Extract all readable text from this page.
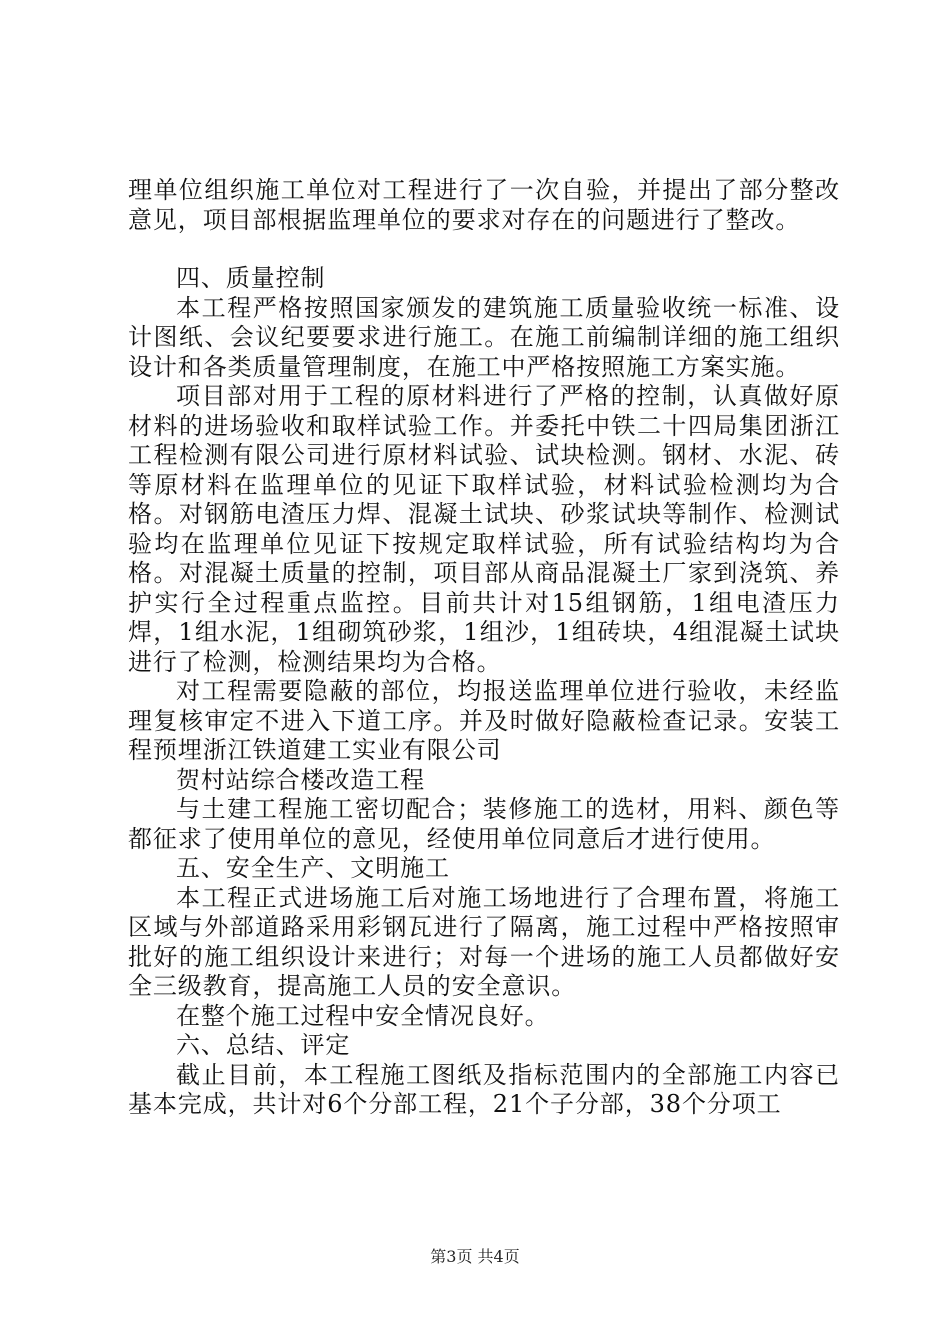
理单位组织施工单位对工程进行了一次自验，并提出了部分整改意见，项目部根据监理单位的要求对存在的问题进行了整改。

四、质量控制

本工程严格按照国家颁发的建筑施工质量验收统一标准、设计图纸、会议纪要要求进行施工。在施工前编制详细的施工组织设计和各类质量管理制度，在施工中严格按照施工方案实施。

项目部对用于工程的原材料进行了严格的控制，认真做好原材料的进场验收和取样试验工作。并委托中铁二十四局集团浙江工程检测有限公司进行原材料试验、试块检测。钢材、水泥、砖等原材料在监理单位的见证下取样试验，材料试验检测均为合格。对钢筋电渣压力焊、混凝土试块、砂浆试块等制作、检测试验均在监理单位见证下按规定取样试验，所有试验结构均为合格。对混凝土质量的控制，项目部从商品混凝土厂家到浇筑、养护实行全过程重点监控。目前共计对15组钢筋，1组电渣压力焊，1组水泥，1组砌筑砂浆，1组沙，1组砖块，4组混凝土试块进行了检测，检测结果均为合格。

对工程需要隐蔽的部位，均报送监理单位进行验收，未经监理复核审定不进入下道工序。并及时做好隐蔽检查记录。安装工程预埋浙江铁道建工实业有限公司

贺村站综合楼改造工程

与土建工程施工密切配合；装修施工的选材，用料、颜色等都征求了使用单位的意见，经使用单位同意后才进行使用。

五、安全生产、文明施工

本工程正式进场施工后对施工场地进行了合理布置，将施工区域与外部道路采用彩钢瓦进行了隔离，施工过程中严格按照审批好的施工组织设计来进行；对每一个进场的施工人员都做好安全三级教育，提高施工人员的安全意识。

在整个施工过程中安全情况良好。

六、总结、评定

截止目前，本工程施工图纸及指标范围内的全部施工内容已基本完成，共计对6个分部工程，21个子分部，38个分项工

第3页 共4页
